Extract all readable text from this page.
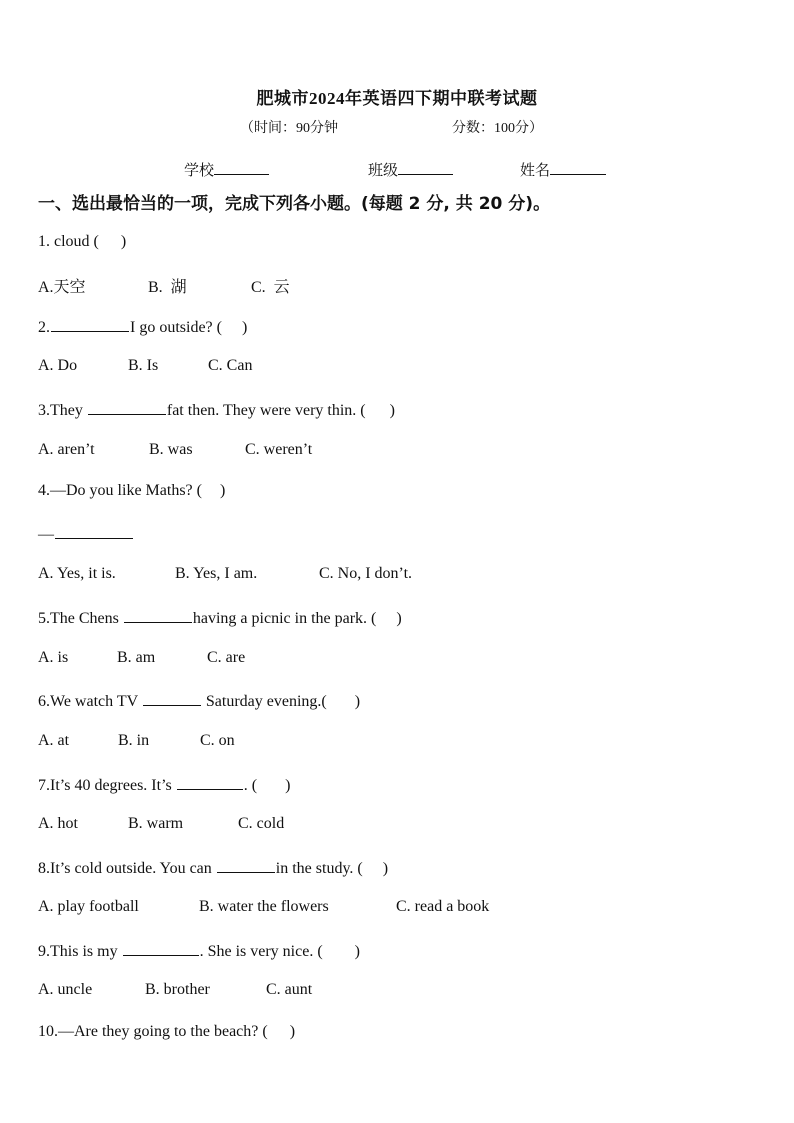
肥城市2024年英语四下期中联考试题
（时间：90分钟	分数：100分）
学校	班级	姓名
一、选出最恰当的一项，完成下列各小题。(每题 2 分, 共 20 分)。
1. cloud ( )
A.天空	B.  湖	C.  云
2.	I go outside? (     )
A. Do	B. Is	C. Can
3.They	fat then. They were very thin. (      )
A. aren’t	B. was	C. weren’t
4.—Do you like Maths? ( )
—
A. Yes, it is.	B. Yes, I am.	C. No, I don’t.
5.The Chens	having a picnic in the park. (     )
A. is	B. am	C. are
6.We watch TV	Saturday evening.(       )
A. at	B. in	C. on
7.It’s 40 degrees. It’s	. (       )
A. hot	B. warm	C. cold
8.It’s cold outside. You can	in the study. (     )
A. play football	B. water the flowers	C. read a book
9.This is my	. She is very nice. (        )
A. uncle	B. brother	C. aunt
10.—Are they going to the beach? ( )
